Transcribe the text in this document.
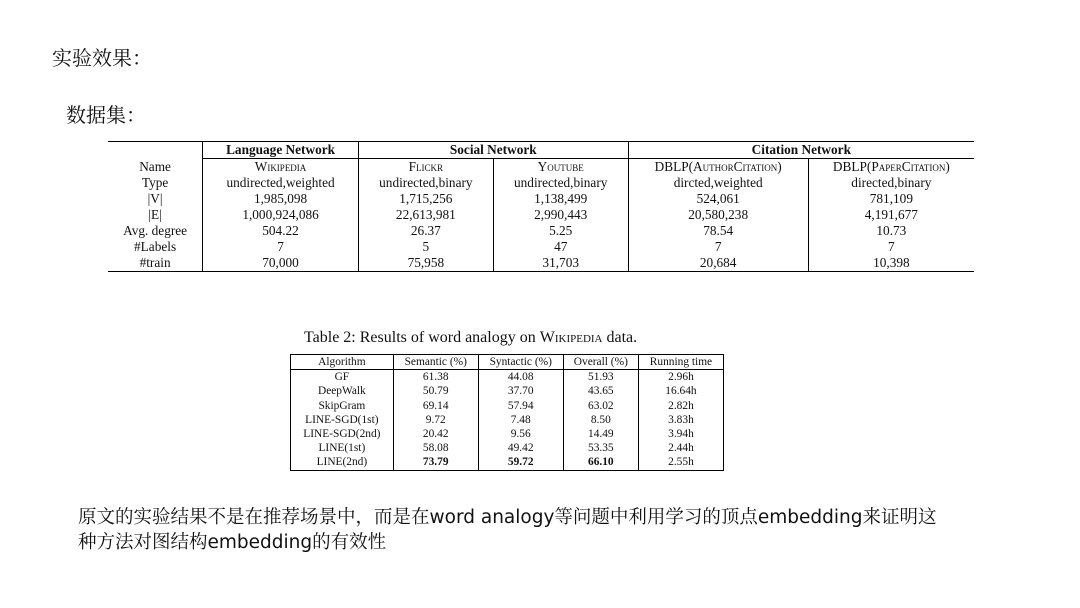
实验效果：
数据集：
	Language Network	Social Network		Citation Network	
Name	Wikipedia	Flickr	Youtube	DBLP(AuthorCitation)	DBLP(PaperCitation)
Type	undirected,weighted	undirected,binary	undirected,binary	dircted,weighted	directed,binary
|V|	1,985,098	1,715,256	1,138,499	524,061	781,109
|E|	1,000,924,086	22,613,981	2,990,443	20,580,238	4,191,677
Avg. degree	504.22	26.37	5.25	78.54	10.73
#Labels	7	5	47	7	7
#train	70,000	75,958	31,703	20,684	10,398
Table 2: Results of word analogy on Wikipedia data.
Algorithm	Semantic (%)	Syntactic (%)	Overall (%)	Running time
GF	61.38	44.08	51.93	2.96h
DeepWalk	50.79	37.70	43.65	16.64h
SkipGram	69.14	57.94	63.02	2.82h
LINE-SGD(1st)	9.72	7.48	8.50	3.83h
LINE-SGD(2nd)	20.42	9.56	14.49	3.94h
LINE(1st)	58.08	49.42	53.35	2.44h
LINE(2nd)	73.79	59.72	66.10	2.55h
原文的实验结果不是在推荐场景中，而是在word analogy等问题中利用学习的顶点embedding来证明这
种方法对图结构embedding的有效性
